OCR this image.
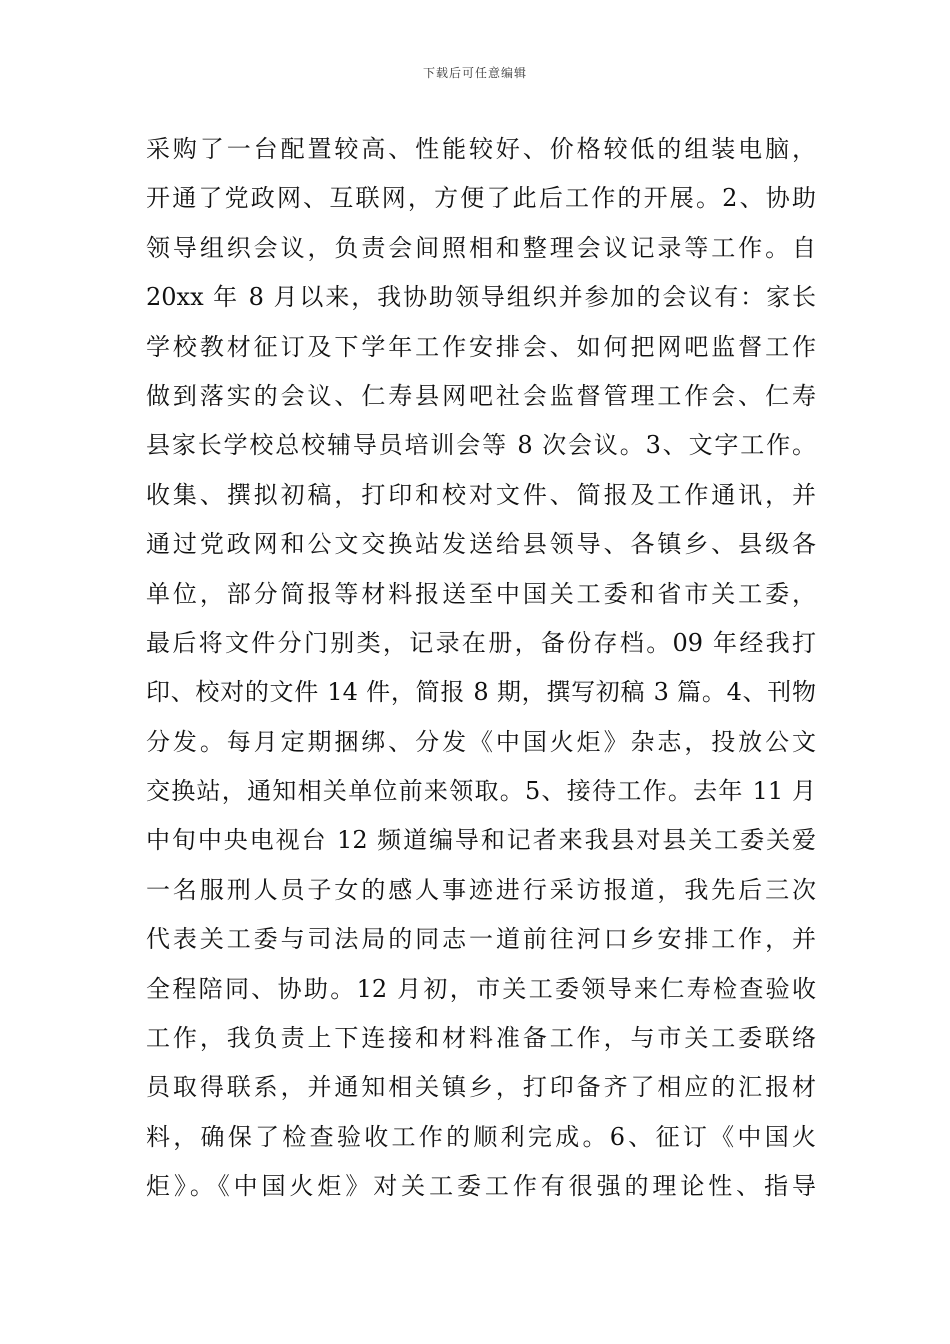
下载后可任意编辑
采购了一台配置较高、性能较好、价格较低的组装电脑，
开通了党政网、互联网，方便了此后工作的开展。2、协助
领导组织会议，负责会间照相和整理会议记录等工作。自
20xx 年 8 月以来，我协助领导组织并参加的会议有：家长
学校教材征订及下学年工作安排会、如何把网吧监督工作
做到落实的会议、仁寿县网吧社会监督管理工作会、仁寿
县家长学校总校辅导员培训会等 8 次会议。3、文字工作。
收集、撰拟初稿，打印和校对文件、简报及工作通讯，并
通过党政网和公文交换站发送给县领导、各镇乡、县级各
单位，部分简报等材料报送至中国关工委和省市关工委，
最后将文件分门别类，记录在册，备份存档。09 年经我打
印、校对的文件 14 件，简报 8 期，撰写初稿 3 篇。4、刊物
分发。每月定期捆绑、分发《中国火炬》杂志，投放公文
交换站，通知相关单位前来领取。5、接待工作。去年 11 月
中旬中央电视台 12 频道编导和记者来我县对县关工委关爱
一名服刑人员子女的感人事迹进行采访报道，我先后三次
代表关工委与司法局的同志一道前往河口乡安排工作，并
全程陪同、协助。12 月初，市关工委领导来仁寿检查验收
工作，我负责上下连接和材料准备工作，与市关工委联络
员取得联系，并通知相关镇乡，打印备齐了相应的汇报材
料，确保了检查验收工作的顺利完成。6、征订《中国火
炬》。《中国火炬》对关工委工作有很强的理论性、指导
